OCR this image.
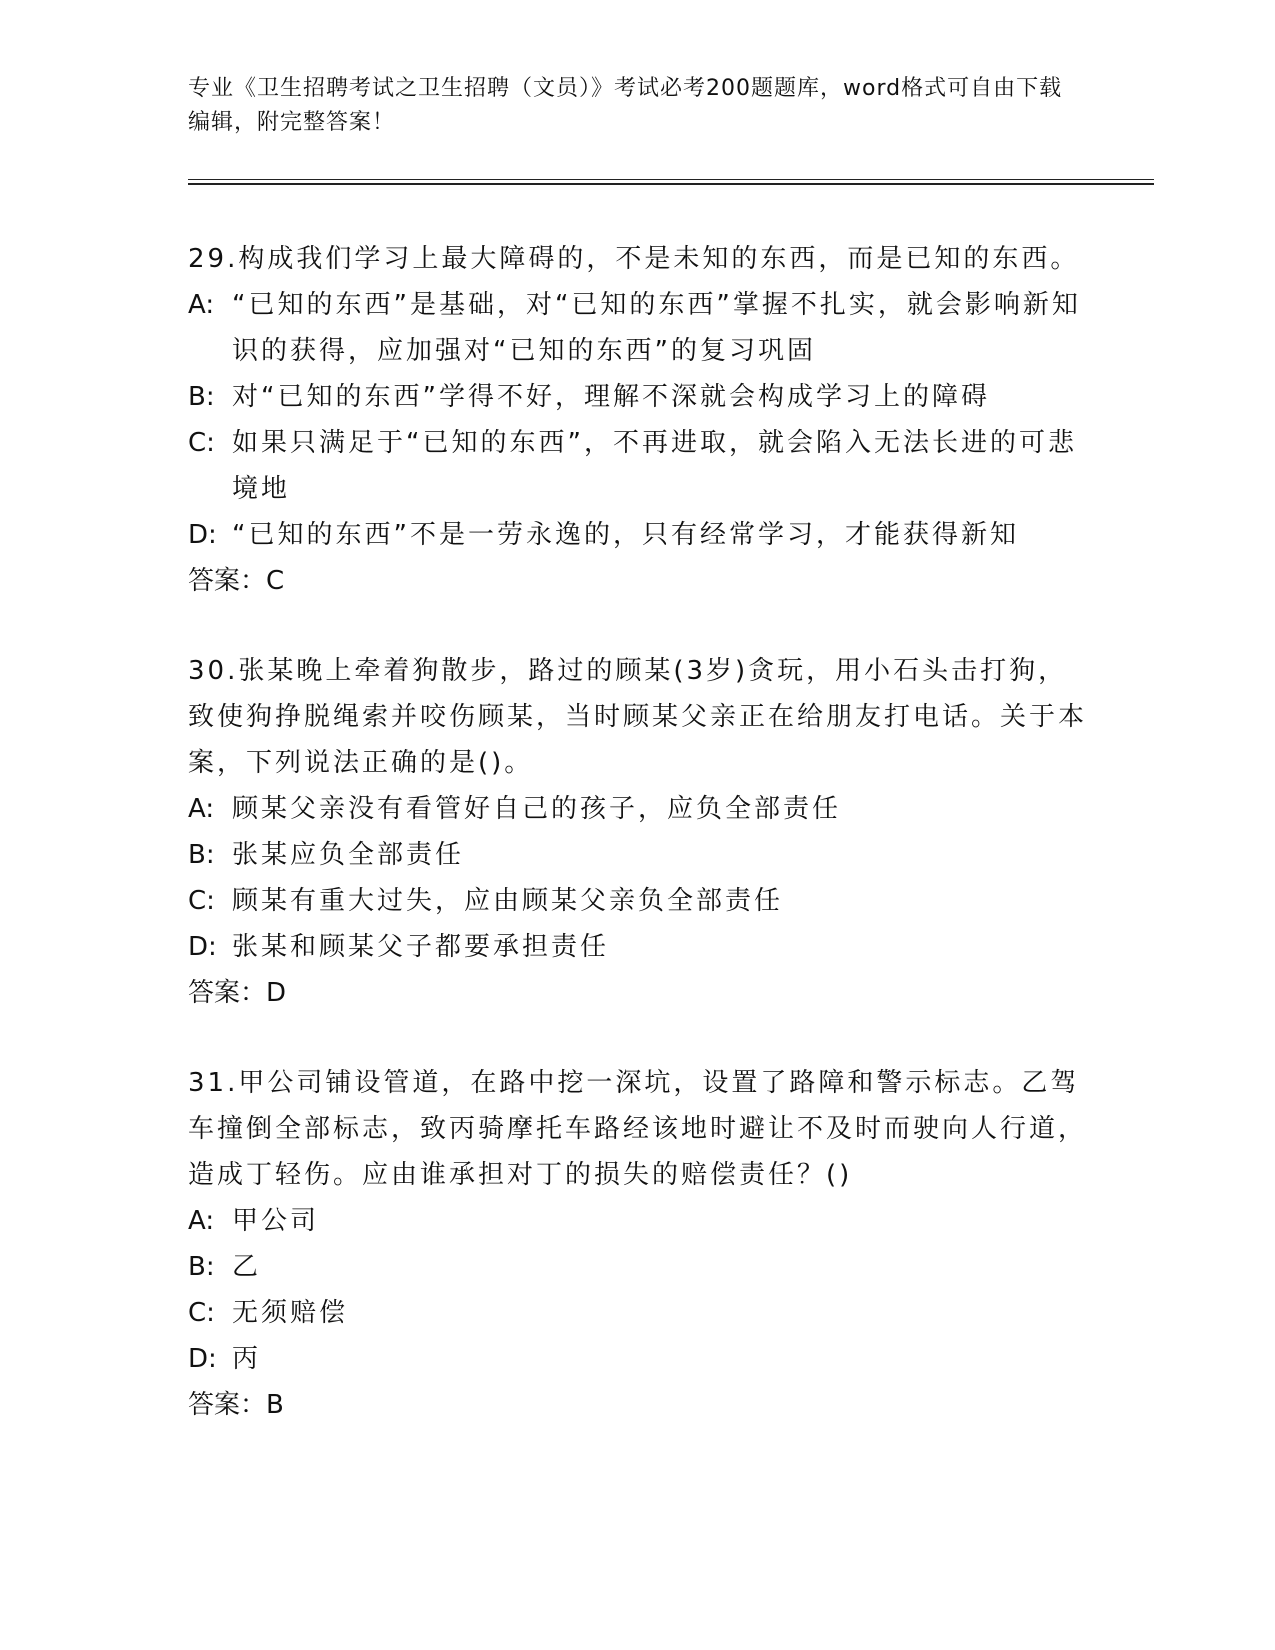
专业《卫生招聘考试之卫生招聘（文员）》考试必考200题题库，word格式可自由下载编辑，附完整答案！

29.构成我们学习上最大障碍的，不是未知的东西，而是已知的东西。

A: “已知的东西”是基础，对“已知的东西”掌握不扎实，就会影响新知识的获得，应加强对“已知的东西”的复习巩固

B: 对“已知的东西”学得不好，理解不深就会构成学习上的障碍

C: 如果只满足于“已知的东西”，不再进取，就会陷入无法长进的可悲境地

D: “已知的东西”不是一劳永逸的，只有经常学习，才能获得新知

答案：C

30.张某晚上牵着狗散步，路过的顾某(3岁)贪玩，用小石头击打狗，致使狗挣脱绳索并咬伤顾某，当时顾某父亲正在给朋友打电话。关于本案，下列说法正确的是()。

A: 顾某父亲没有看管好自己的孩子，应负全部责任

B: 张某应负全部责任

C: 顾某有重大过失，应由顾某父亲负全部责任

D: 张某和顾某父子都要承担责任

答案：D

31.甲公司铺设管道，在路中挖一深坑，设置了路障和警示标志。乙驾车撞倒全部标志，致丙骑摩托车路经该地时避让不及时而驶向人行道，造成丁轻伤。应由谁承担对丁的损失的赔偿责任？()

A: 甲公司

B: 乙

C: 无须赔偿

D: 丙

答案：B
